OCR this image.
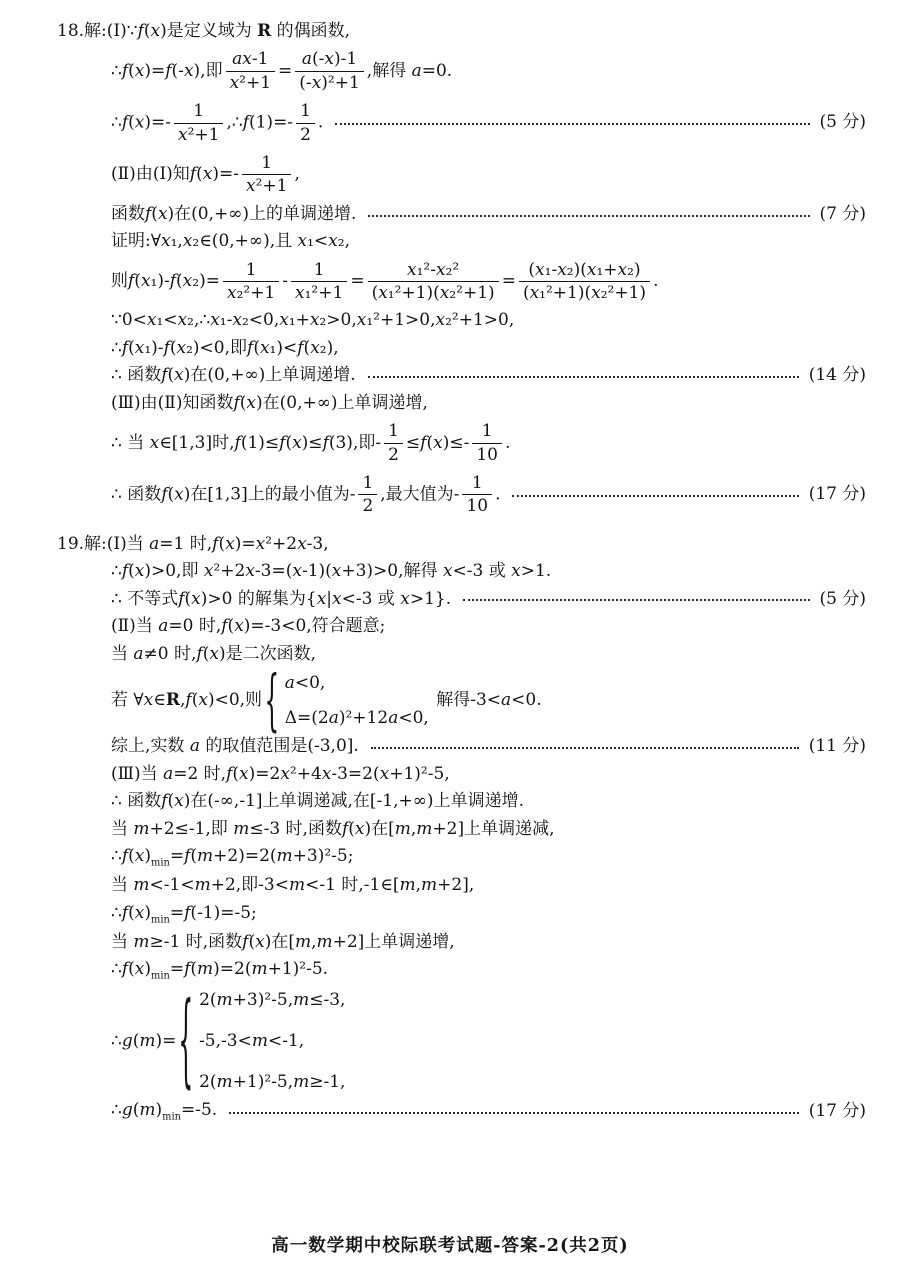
18.解:(Ⅰ)∵f(x)是定义域为 R 的偶函数,
∴f(x)=f(-x),即 $\frac{ax-1}{\text{x²+1}} = \frac{a(-x)-1}{\text{(-x)²+1}}$ ,解得 a=0.
∴f(x)=- $\frac{1}{\text{x²+1}}$ ,∴f(1)=- $\frac{1}{2}$ .	(5 分)
(Ⅱ)由(Ⅰ)知$f(x)=- \frac{1}{\text{x²+1}}$ ,
函数f(x)在(0,+∞)上的单调递增.	(7 分)
证明:∀x₁,x₂∈(0,+∞),且 x₁<x₂,
则$f(x_1)-f(x_2)= \frac{1}{\text{x₂²+1}} - \frac{1}{\text{x₁²+1}} = \frac{\text{x₁²-x₂²}}{\text{(x₁²+1)(x₂²+1)}} = \frac{\text{(x₁-x₂)(x₁+x₂)}}{\text{(x₁²+1)(x₂²+1)}}$ .
∵0<x₁<x₂,∴x₁-x₂<0,x₁+x₂>0,x₁²+1>0,x₂²+1>0,
∴f(x₁)-f(x₂)<0,即f(x₁)<f(x₂),
∴ 函数f(x)在(0,+∞)上单调递增.	(14 分)
(Ⅲ)由(Ⅱ)知函数f(x)在(0,+∞)上单调递增,
∴ 当 x∈[1,3]时,f(1)≤f(x)≤f(3),即- $\frac{1}{2} \le f(x)\le- \frac{1}{10}$ .
∴ 函数f(x)在[1,3]上的最小值为- $\frac{1}{2}$ ,最大值为- $\frac{1}{10}$ .	(17 分)
19.解:(Ⅰ)当 a=1 时,f(x)=x²+2x-3,
∴f(x)>0,即 x²+2x-3=(x-1)(x+3)>0,解得 x<-3 或 x>1.
∴ 不等式f(x)>0 的解集为{x|x<-3 或 x>1}.	(5 分)
(Ⅱ)当 a=0 时,f(x)=-3<0,符合题意;
当 a≠0 时,f(x)是二次函数,
若 ∀x∈R,f(x)<0,则 { a<0,
Δ=(2a)²+12a<0,
解得-3<a<0.
综上,实数 a 的取值范围是(-3,0].	(11 分)
(Ⅲ)当 a=2 时,f(x)=2x²+4x-3=2(x+1)²-5,
∴ 函数f(x)在(-∞,-1]上单调递减,在[-1,+∞)上单调递增.
当 m+2≤-1,即 m≤-3 时,函数f(x)在[m,m+2]上单调递减,
$\therefore f(x)_{min}=f(m+2)=2(m+3)^2-5$;
当 m<-1<m+2,即-3<m<-1 时,-1∈[m,m+2],
$\therefore f(x)_{min}=f(-1)=-5$;
当 m≥-1 时,函数f(x)在[m,m+2]上单调递增,
$\therefore f(x)_{min}=f(m)=2(m+1)^2-5$.
∴g(m)= { 2(m+3)²-5,m≤-3,
-5,-3<m<-1,
2(m+1)²-5,m≥-1,
$\therefore g(m)_{min}=-5$.	(17 分)
高一数学期中校际联考试题-答案-2(共2页)
